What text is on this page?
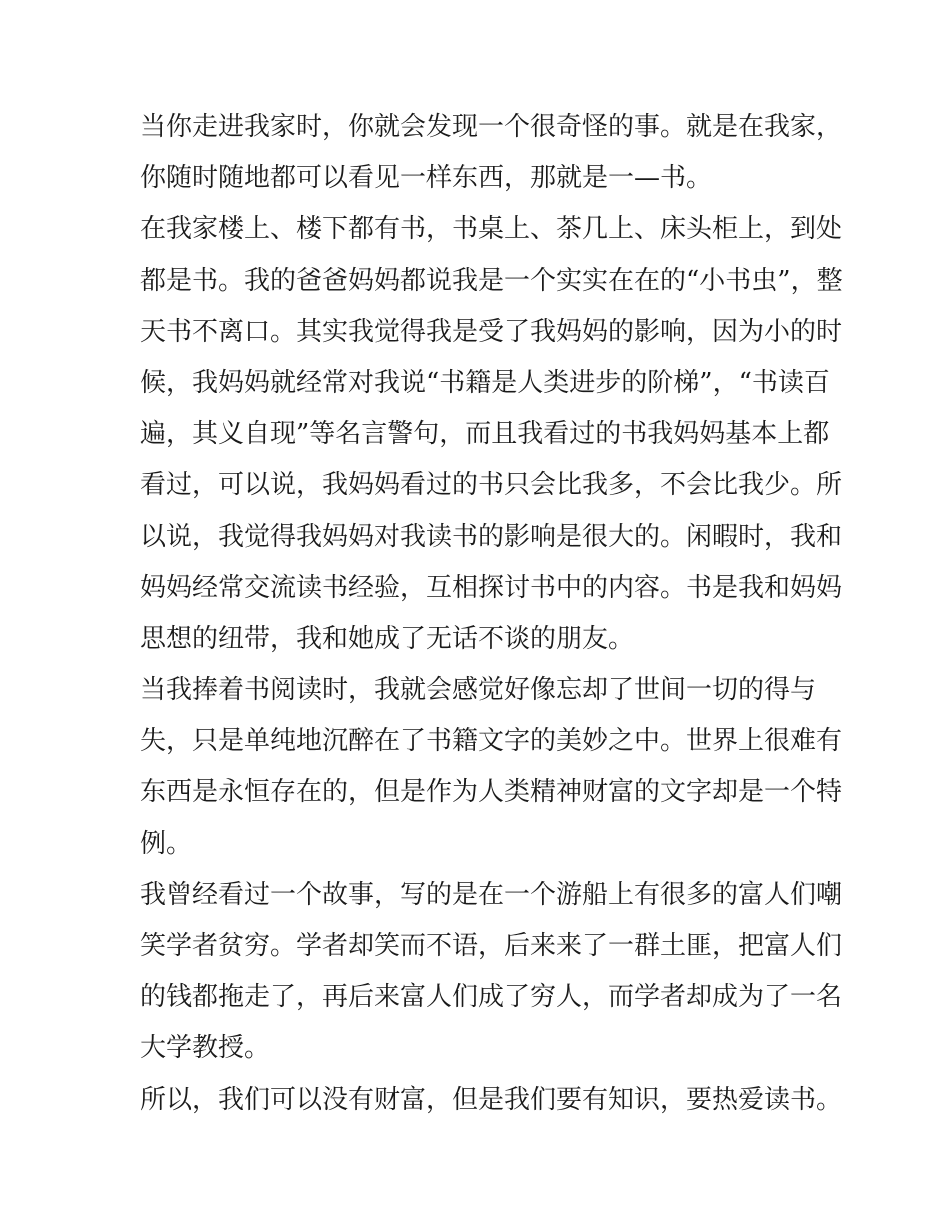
当你走进我家时，你就会发现一个很奇怪的事。就是在我家，
你随时随地都可以看见一样东西，那就是一—书。
在我家楼上、楼下都有书，书桌上、茶几上、床头柜上，到处
都是书。我的爸爸妈妈都说我是一个实实在在的“小书虫”，整
天书不离口。其实我觉得我是受了我妈妈的影响，因为小的时
候，我妈妈就经常对我说“书籍是人类进步的阶梯”，“书读百
遍，其义自现”等名言警句，而且我看过的书我妈妈基本上都
看过，可以说，我妈妈看过的书只会比我多，不会比我少。所
以说，我觉得我妈妈对我读书的影响是很大的。闲暇时，我和
妈妈经常交流读书经验，互相探讨书中的内容。书是我和妈妈
思想的纽带，我和她成了无话不谈的朋友。
当我捧着书阅读时，我就会感觉好像忘却了世间一切的得与
失，只是单纯地沉醉在了书籍文字的美妙之中。世界上很难有
东西是永恒存在的，但是作为人类精神财富的文字却是一个特
例。
我曾经看过一个故事，写的是在一个游船上有很多的富人们嘲
笑学者贫穷。学者却笑而不语，后来来了一群土匪，把富人们
的钱都拖走了，再后来富人们成了穷人，而学者却成为了一名
大学教授。
所以，我们可以没有财富，但是我们要有知识，要热爱读书。
